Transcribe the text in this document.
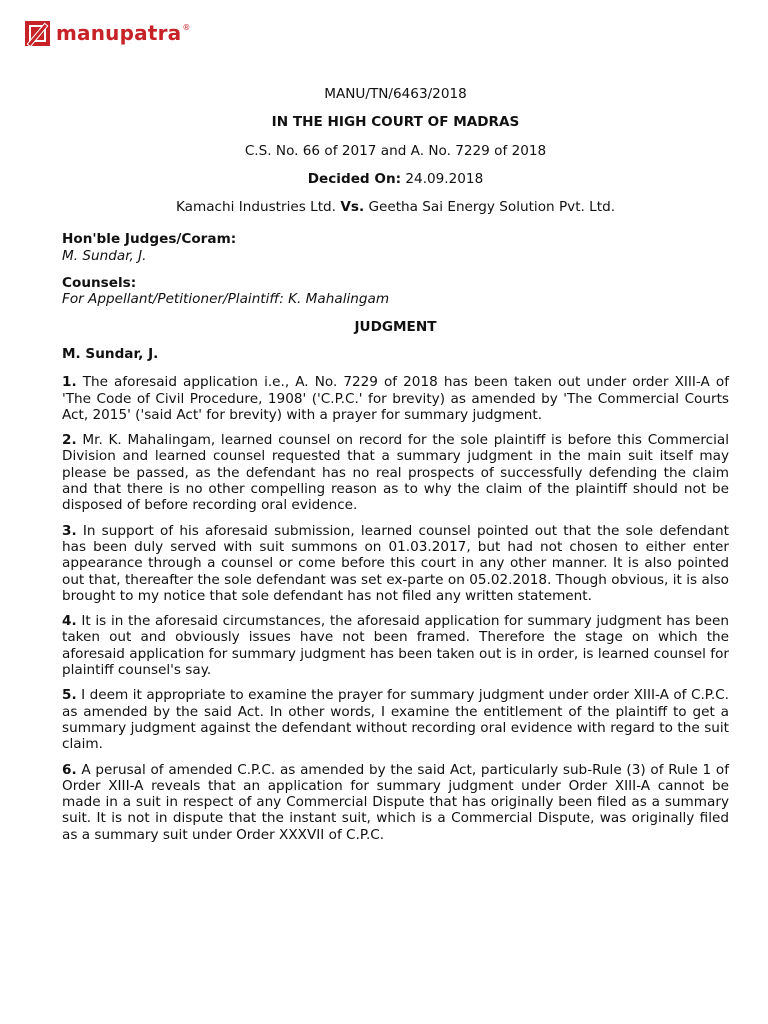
manupatra ®
MANU/TN/6463/2018
IN THE HIGH COURT OF MADRAS
C.S. No. 66 of 2017 and A. No. 7229 of 2018
Decided On: 24.09.2018
Kamachi Industries Ltd. Vs. Geetha Sai Energy Solution Pvt. Ltd.
Hon'ble Judges/Coram:
M. Sundar, J.
Counsels:
For Appellant/Petitioner/Plaintiff: K. Mahalingam
JUDGMENT
M. Sundar, J.
1. The aforesaid application i.e., A. No. 7229 of 2018 has been taken out under order XIII-A of 'The Code of Civil Procedure, 1908' ('C.P.C.' for brevity) as amended by 'The Commercial Courts Act, 2015' ('said Act' for brevity) with a prayer for summary judgment.
2. Mr. K. Mahalingam, learned counsel on record for the sole plaintiff is before this Commercial Division and learned counsel requested that a summary judgment in the main suit itself may please be passed, as the defendant has no real prospects of successfully defending the claim and that there is no other compelling reason as to why the claim of the plaintiff should not be disposed of before recording oral evidence.
3. In support of his aforesaid submission, learned counsel pointed out that the sole defendant has been duly served with suit summons on 01.03.2017, but had not chosen to either enter appearance through a counsel or come before this court in any other manner. It is also pointed out that, thereafter the sole defendant was set ex-parte on 05.02.2018. Though obvious, it is also brought to my notice that sole defendant has not filed any written statement.
4. It is in the aforesaid circumstances, the aforesaid application for summary judgment has been taken out and obviously issues have not been framed. Therefore the stage on which the aforesaid application for summary judgment has been taken out is in order, is learned counsel for plaintiff counsel's say.
5. I deem it appropriate to examine the prayer for summary judgment under order XIII-A of C.P.C. as amended by the said Act. In other words, I examine the entitlement of the plaintiff to get a summary judgment against the defendant without recording oral evidence with regard to the suit claim.
6. A perusal of amended C.P.C. as amended by the said Act, particularly sub-Rule (3) of Rule 1 of Order XIII-A reveals that an application for summary judgment under Order XIII-A cannot be made in a suit in respect of any Commercial Dispute that has originally been filed as a summary suit. It is not in dispute that the instant suit, which is a Commercial Dispute, was originally filed as a summary suit under Order XXXVII of C.P.C.
